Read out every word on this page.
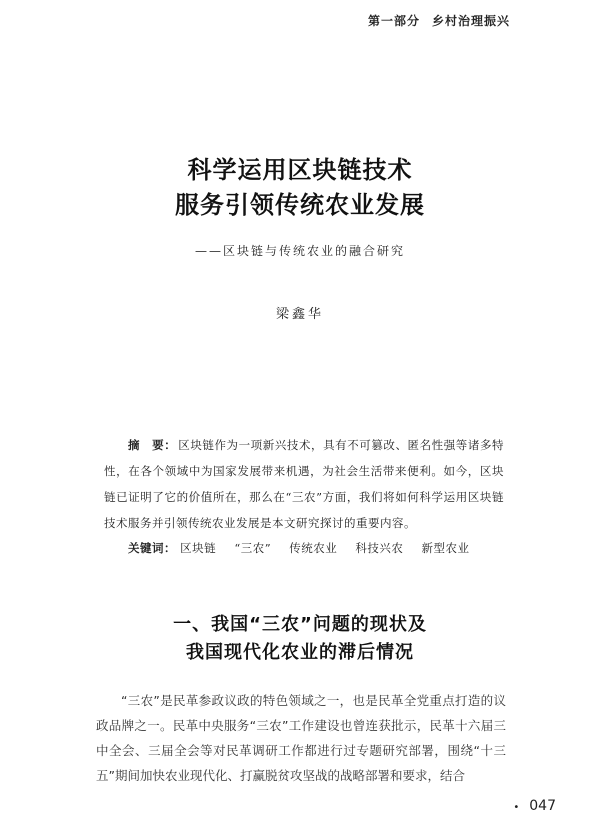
第一部分 乡村治理振兴
科学运用区块链技术
服务引领传统农业发展
——区块链与传统农业的融合研究
梁鑫华
摘　要： 区块链作为一项新兴技术，具有不可篡改、匿名性强等诸多特性，在各个领域中为国家发展带来机遇，为社会生活带来便利。如今，区块链已证明了它的价值所在，那么在“三农”方面，我们将如何科学运用区块链技术服务并引领传统农业发展是本文研究探讨的重要内容。
关键词： 区块链 “三农” 传统农业 科技兴农 新型农业
一、我国“三农”问题的现状及
我国现代化农业的滞后情况

“三农”是民革参政议政的特色领域之一，也是民革全党重点打造的议政品牌之一。民革中央服务“三农”工作建设也曾连获批示，民革十六届三中全会、三届全会等对民革调研工作都进行过专题研究部署，围绕“十三五”期间加快农业现代化、打赢脱贫攻坚战的战略部署和要求，结合

• 047
